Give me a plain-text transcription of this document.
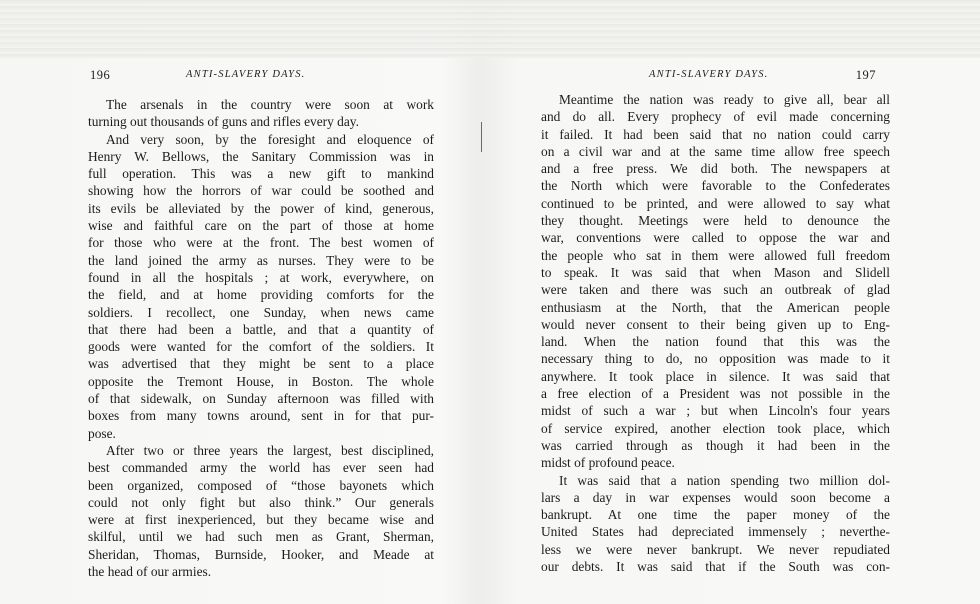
196	ANTI-SLAVERY DAYS.
The arsenals in the country were soon at work
turning out thousands of guns and rifles every day.
And very soon, by the foresight and eloquence of
Henry W. Bellows, the Sanitary Commission was in
full operation. This was a new gift to mankind
showing how the horrors of war could be soothed and
its evils be alleviated by the power of kind, generous,
wise and faithful care on the part of those at home
for those who were at the front. The best women of
the land joined the army as nurses. They were to be
found in all the hospitals ; at work, everywhere, on
the field, and at home providing comforts for the
soldiers. I recollect, one Sunday, when news came
that there had been a battle, and that a quantity of
goods were wanted for the comfort of the soldiers. It
was advertised that they might be sent to a place
opposite the Tremont House, in Boston. The whole
of that sidewalk, on Sunday afternoon was filled with
boxes from many towns around, sent in for that pur-
pose.
After two or three years the largest, best disciplined,
best commanded army the world has ever seen had
been organized, composed of “those bayonets which
could not only fight but also think.” Our generals
were at first inexperienced, but they became wise and
skilful, until we had such men as Grant, Sherman,
Sheridan, Thomas, Burnside, Hooker, and Meade at
the head of our armies.
ANTI-SLAVERY DAYS.	197
Meantime the nation was ready to give all, bear all
and do all. Every prophecy of evil made concerning
it failed. It had been said that no nation could carry
on a civil war and at the same time allow free speech
and a free press. We did both. The newspapers at
the North which were favorable to the Confederates
continued to be printed, and were allowed to say what
they thought. Meetings were held to denounce the
war, conventions were called to oppose the war and
the people who sat in them were allowed full freedom
to speak. It was said that when Mason and Slidell
were taken and there was such an outbreak of glad
enthusiasm at the North, that the American people
would never consent to their being given up to Eng-
land. When the nation found that this was the
necessary thing to do, no opposition was made to it
anywhere. It took place in silence. It was said that
a free election of a President was not possible in the
midst of such a war ; but when Lincoln's four years
of service expired, another election took place, which
was carried through as though it had been in the
midst of profound peace.
It was said that a nation spending two million dol-
lars a day in war expenses would soon become a
bankrupt. At one time the paper money of the
United States had depreciated immensely ; neverthe-
less we were never bankrupt. We never repudiated
our debts. It was said that if the South was con-
